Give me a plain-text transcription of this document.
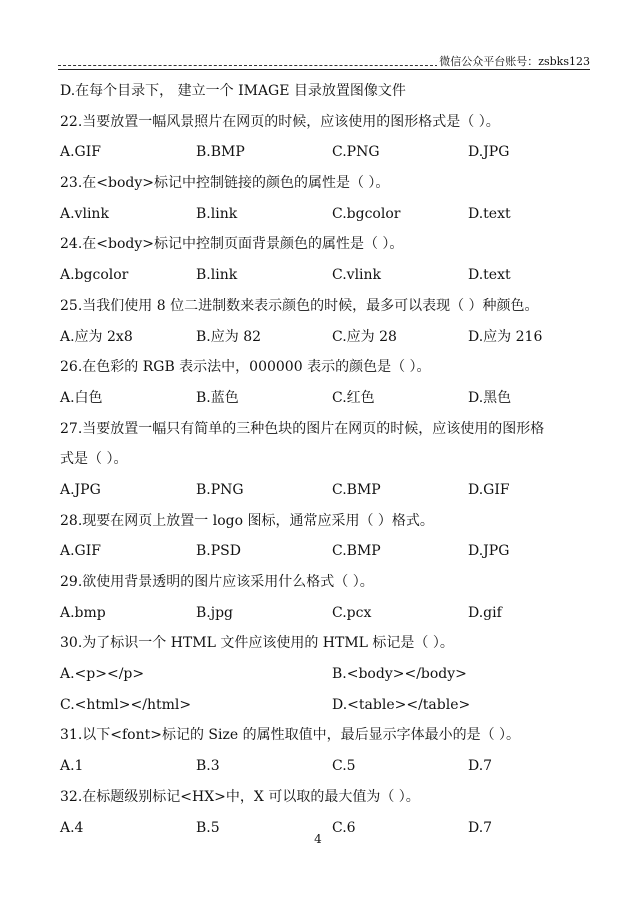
微信公众平台账号：zsbks123
D.在每个目录下， 建立一个 IMAGE 目录放置图像文件
22.当要放置一幅风景照片在网页的时候，应该使用的图形格式是（ ）。
A.GIF	B.BMP	C.PNG	D.JPG
23.在<body>标记中控制链接的颜色的属性是（ ）。
A.vlink	B.link	C.bgcolor	D.text
24.在<body>标记中控制页面背景颜色的属性是（ ）。
A.bgcolor	B.link	C.vlink	D.text
25.当我们使用 8 位二进制数来表示颜色的时候，最多可以表现（ ）种颜色。
A.应为 2x8	B.应为 82	C.应为 28	D.应为 216
26.在色彩的 RGB 表示法中，000000 表示的颜色是（ ）。
A.白色	B.蓝色	C.红色	D.黑色
27.当要放置一幅只有简单的三种色块的图片在网页的时候，应该使用的图形格
式是（ ）。
A.JPG	B.PNG	C.BMP	D.GIF
28.现要在网页上放置一 logo 图标，通常应采用（ ）格式。
A.GIF	B.PSD	C.BMP	D.JPG
29.欲使用背景透明的图片应该采用什么格式（ ）。
A.bmp	B.jpg	C.pcx	D.gif
30.为了标识一个 HTML 文件应该使用的 HTML 标记是（ ）。
A.<p></p>	B.<body></body>
C.<html></html>	D.<table></table>
31.以下<font>标记的 Size 的属性取值中，最后显示字体最小的是（ ）。
A.1	B.3	C.5	D.7
32.在标题级别标记<HX>中，X 可以取的最大值为（ ）。
A.4	B.5	C.6	D.7
4
